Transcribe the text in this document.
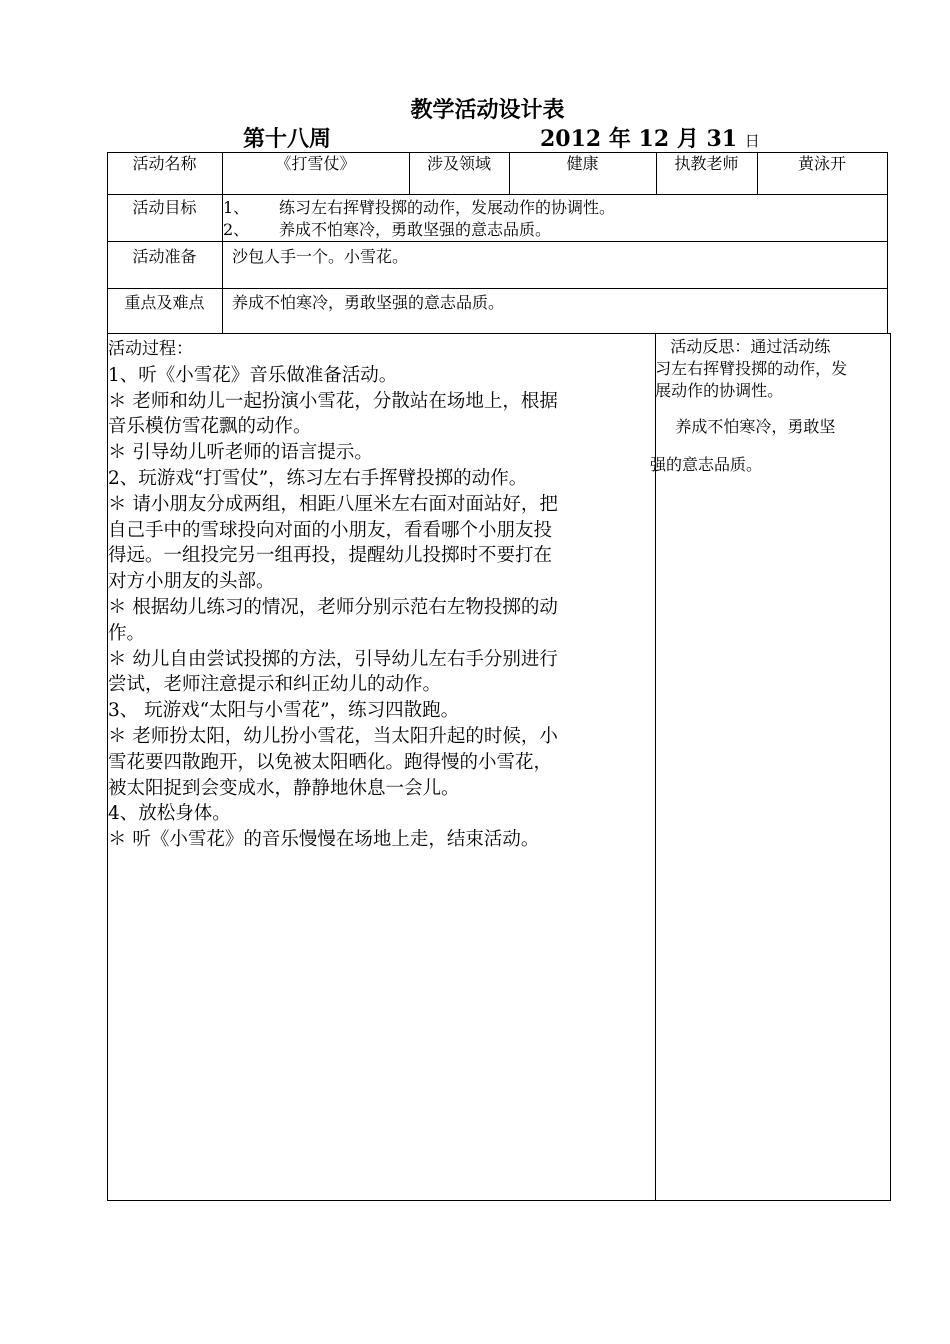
教学活动设计表
第十八周	2012 年 12 月 31 日
活动名称	《打雪仗》	涉及领域	健康	执教老师	黄泳开
活动目标	1、 练习左右挥臂投掷的动作，发展动作的协调性。
2、 养成不怕寒冷，勇敢坚强的意志品质。
活动准备	沙包人手一个。小雪花。
重点及难点	养成不怕寒冷，勇敢坚强的意志品质。
活动过程：
1、听《小雪花》音乐做准备活动。
＊ 老师和幼儿一起扮演小雪花，分散站在场地上，根据
音乐模仿雪花飘的动作。
＊ 引导幼儿听老师的语言提示。
2、玩游戏“打雪仗”，练习左右手挥臂投掷的动作。
＊ 请小朋友分成两组，相距八厘米左右面对面站好，把
自己手中的雪球投向对面的小朋友，看看哪个小朋友投
得远。一组投完另一组再投，提醒幼儿投掷时不要打在
对方小朋友的头部。
＊ 根据幼儿练习的情况，老师分别示范右左物投掷的动
作。
＊ 幼儿自由尝试投掷的方法，引导幼儿左右手分别进行
尝试，老师注意提示和纠正幼儿的动作。
3、 玩游戏“太阳与小雪花”，练习四散跑。
＊ 老师扮太阳，幼儿扮小雪花，当太阳升起的时候，小
雪花要四散跑开，以免被太阳晒化。跑得慢的小雪花，
被太阳捉到会变成水，静静地休息一会儿。
4、放松身体。
＊ 听《小雪花》的音乐慢慢在场地上走，结束活动。
活动反思：通过活动练
习左右挥臂投掷的动作，发
展动作的协调性。
养成不怕寒冷，勇敢坚
强的意志品质。
